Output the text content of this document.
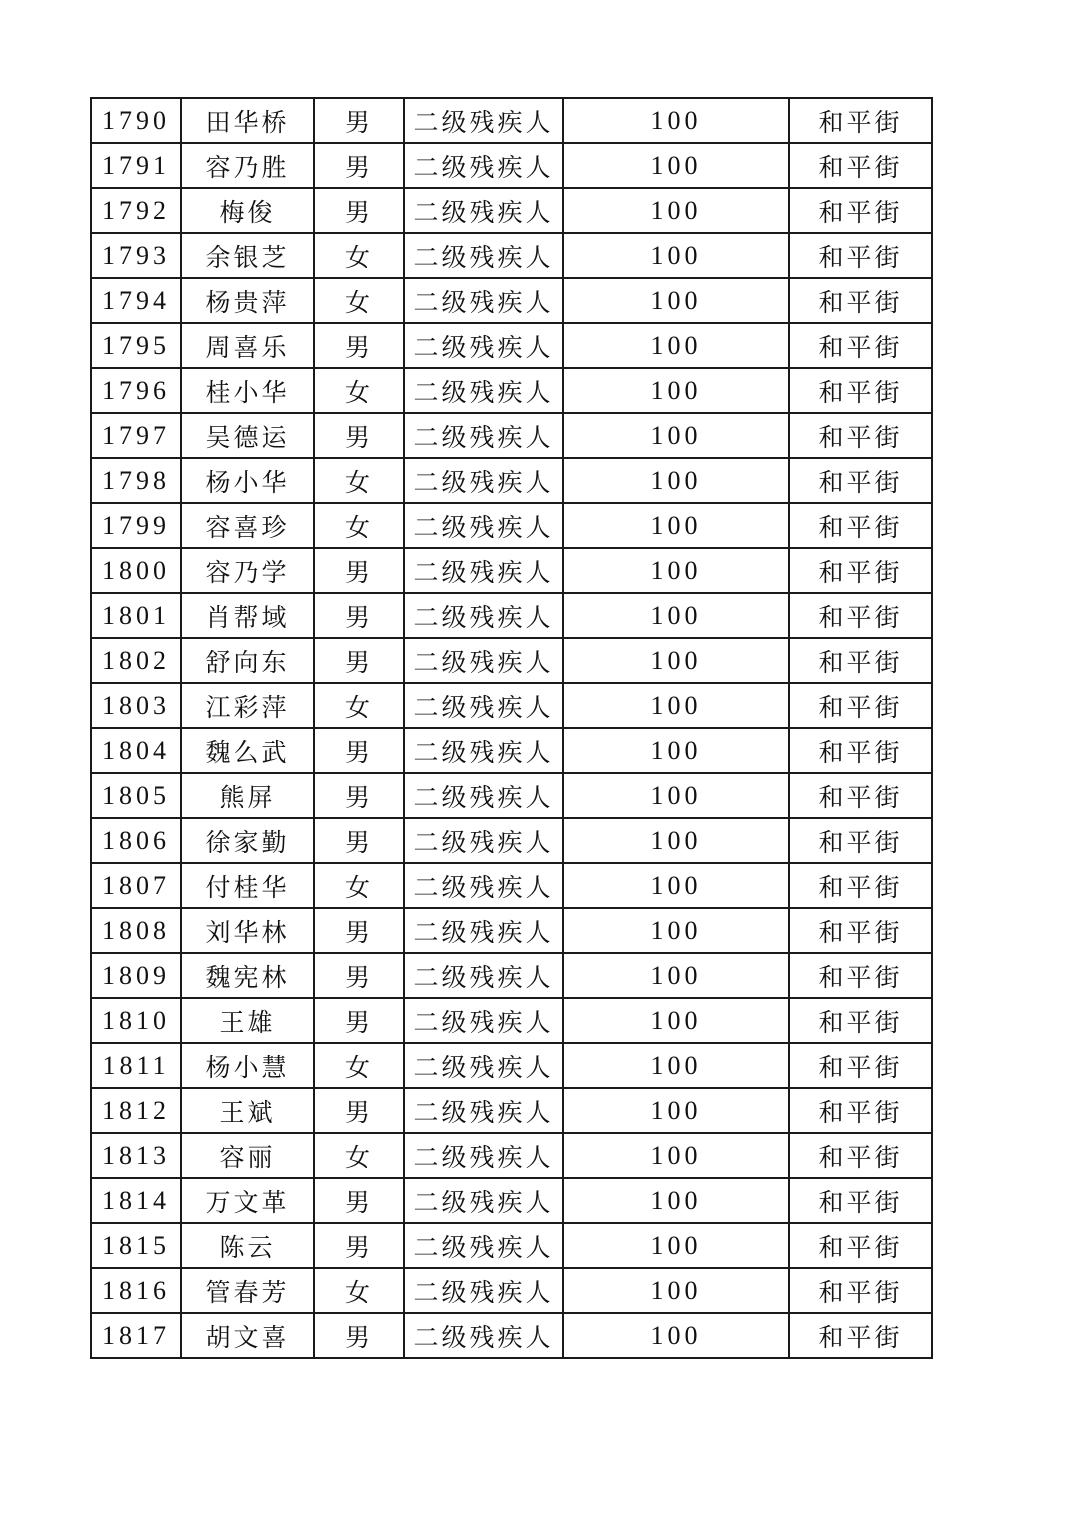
1790	田华桥	男	二级残疾人	100	和平街
1791	容乃胜	男	二级残疾人	100	和平街
1792	梅俊	男	二级残疾人	100	和平街
1793	余银芝	女	二级残疾人	100	和平街
1794	杨贵萍	女	二级残疾人	100	和平街
1795	周喜乐	男	二级残疾人	100	和平街
1796	桂小华	女	二级残疾人	100	和平街
1797	吴德运	男	二级残疾人	100	和平街
1798	杨小华	女	二级残疾人	100	和平街
1799	容喜珍	女	二级残疾人	100	和平街
1800	容乃学	男	二级残疾人	100	和平街
1801	肖帮域	男	二级残疾人	100	和平街
1802	舒向东	男	二级残疾人	100	和平街
1803	江彩萍	女	二级残疾人	100	和平街
1804	魏么武	男	二级残疾人	100	和平街
1805	熊屏	男	二级残疾人	100	和平街
1806	徐家勤	男	二级残疾人	100	和平街
1807	付桂华	女	二级残疾人	100	和平街
1808	刘华林	男	二级残疾人	100	和平街
1809	魏宪林	男	二级残疾人	100	和平街
1810	王雄	男	二级残疾人	100	和平街
1811	杨小慧	女	二级残疾人	100	和平街
1812	王斌	男	二级残疾人	100	和平街
1813	容丽	女	二级残疾人	100	和平街
1814	万文革	男	二级残疾人	100	和平街
1815	陈云	男	二级残疾人	100	和平街
1816	管春芳	女	二级残疾人	100	和平街
1817	胡文喜	男	二级残疾人	100	和平街
